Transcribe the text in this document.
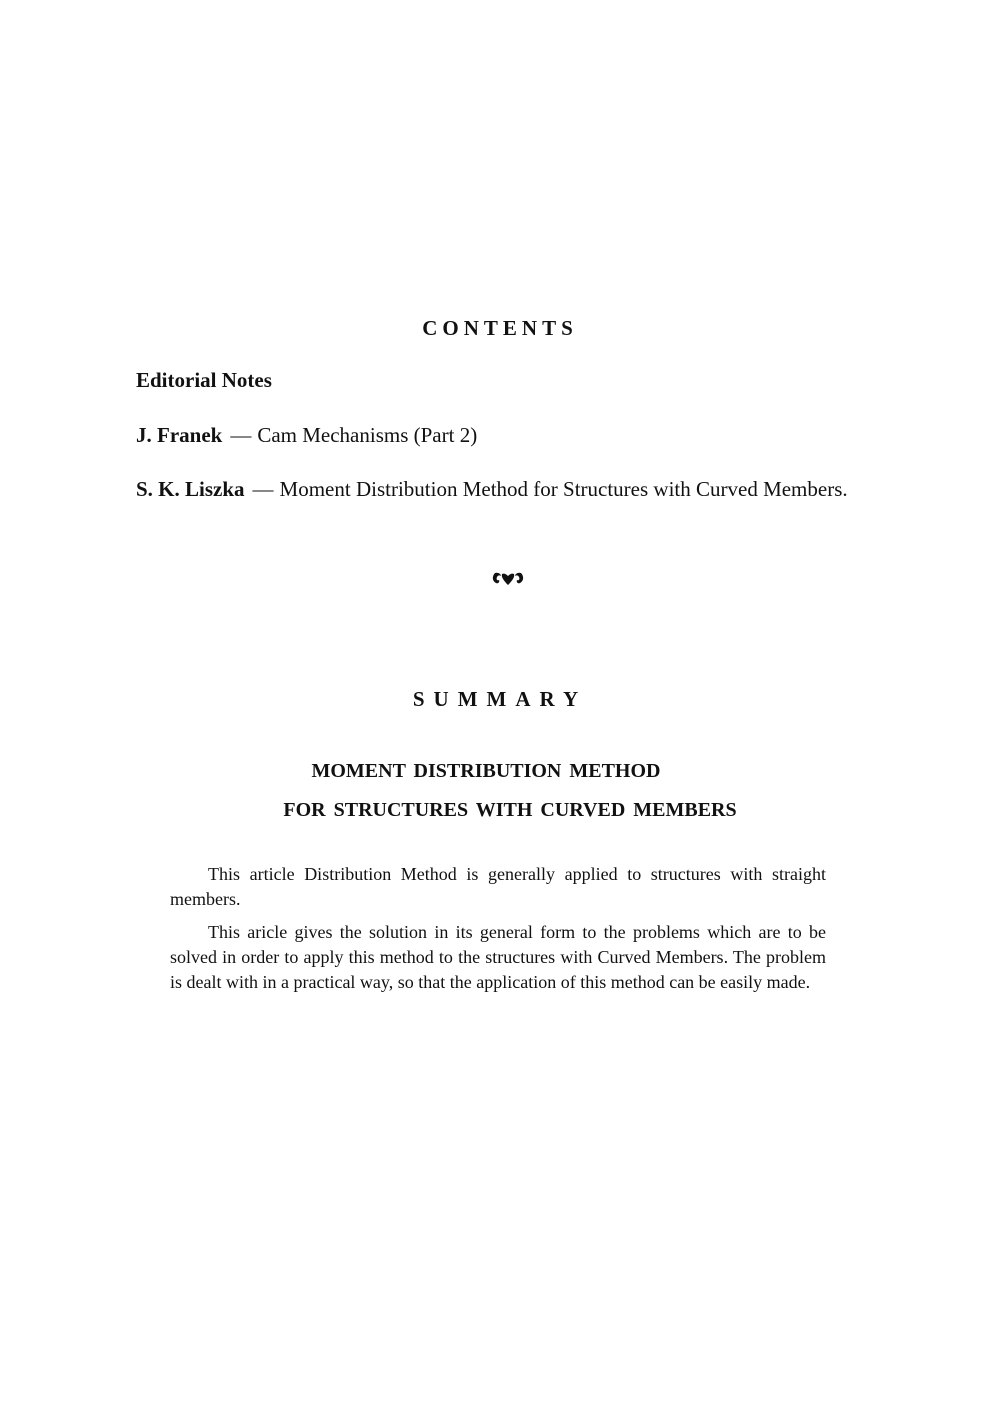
CONTENTS

Editorial Notes

J. Franek — Cam Mechanisms (Part 2)

S. K. Liszka — Moment Distribution Method for Structures with Curved Members.
SUMMARY
MOMENT DISTRIBUTION METHOD
FOR STRUCTURES WITH CURVED MEMBERS

This article Distribution Method is generally applied to structures with straight members.

This aricle gives the solution in its general form to the problems which are to be solved in order to apply this method to the structures with Curved Members. The problem is dealt with in a practical way, so that the application of this method can be easily made.
